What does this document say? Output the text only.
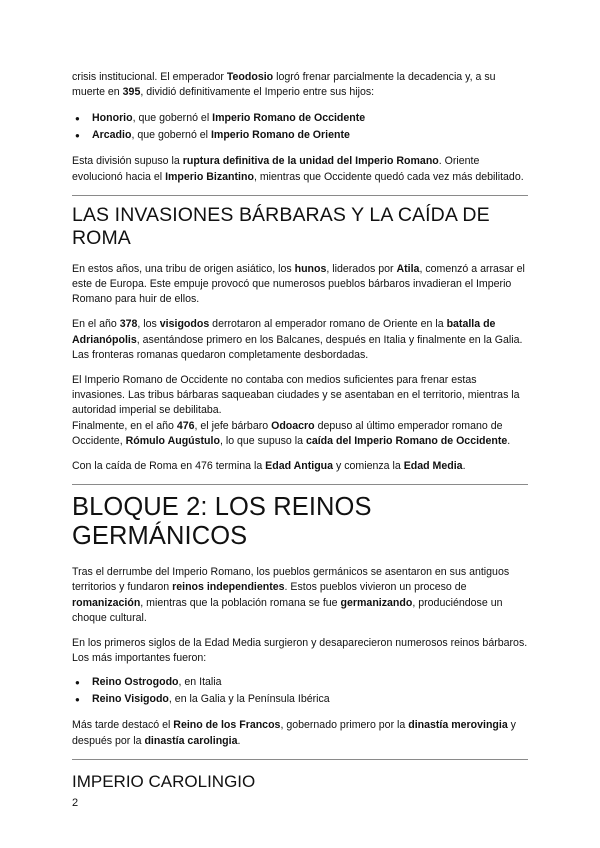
crisis institucional. El emperador Teodosio logró frenar parcialmente la decadencia y, a su muerte en 395, dividió definitivamente el Imperio entre sus hijos:

● Honorio, que gobernó el Imperio Romano de Occidente
● Arcadio, que gobernó el Imperio Romano de Oriente

Esta división supuso la ruptura definitiva de la unidad del Imperio Romano. Oriente evolucionó hacia el Imperio Bizantino, mientras que Occidente quedó cada vez más debilitado.

LAS INVASIONES BÁRBARAS Y LA CAÍDA DE ROMA

En estos años, una tribu de origen asiático, los hunos, liderados por Atila, comenzó a arrasar el este de Europa. Este empuje provocó que numerosos pueblos bárbaros invadieran el Imperio Romano para huir de ellos.

En el año 378, los visigodos derrotaron al emperador romano de Oriente en la batalla de Adrianópolis, asentándose primero en los Balcanes, después en Italia y finalmente en la Galia. Las fronteras romanas quedaron completamente desbordadas.

El Imperio Romano de Occidente no contaba con medios suficientes para frenar estas invasiones. Las tribus bárbaras saqueaban ciudades y se asentaban en el territorio, mientras la autoridad imperial se debilitaba.

Finalmente, en el año 476, el jefe bárbaro Odoacro depuso al último emperador romano de Occidente, Rómulo Augústulo, lo que supuso la caída del Imperio Romano de Occidente.

Con la caída de Roma en 476 termina la Edad Antigua y comienza la Edad Media.

BLOQUE 2: LOS REINOS GERMÁNICOS

Tras el derrumbe del Imperio Romano, los pueblos germánicos se asentaron en sus antiguos territorios y fundaron reinos independientes. Estos pueblos vivieron un proceso de romanización, mientras que la población romana se fue germanizando, produciéndose un choque cultural.

En los primeros siglos de la Edad Media surgieron y desaparecieron numerosos reinos bárbaros. Los más importantes fueron:

● Reino Ostrogodo, en Italia
● Reino Visigodo, en la Galia y la Península Ibérica

Más tarde destacó el Reino de los Francos, gobernado primero por la dinastía merovingia y después por la dinastía carolingia.

IMPERIO CAROLINGIO
2
